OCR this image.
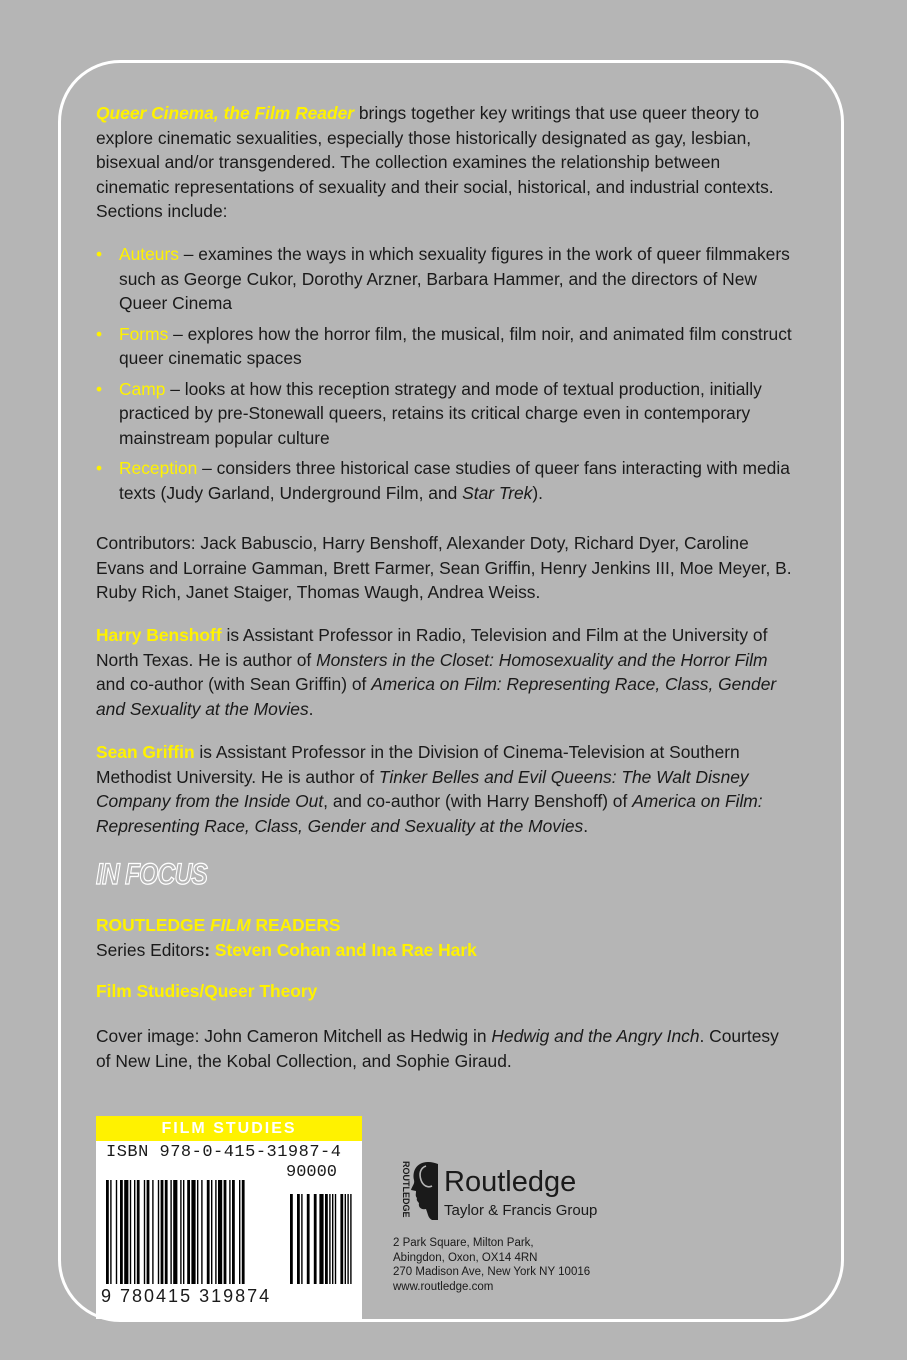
Queer Cinema, the Film Reader brings together key writings that use queer theory to explore cinematic sexualities, especially those historically designated as gay, lesbian, bisexual and/or transgendered. The collection examines the relationship between cinematic representations of sexuality and their social, historical, and industrial contexts. Sections include:
• Auteurs – examines the ways in which sexuality figures in the work of queer filmmakers such as George Cukor, Dorothy Arzner, Barbara Hammer, and the directors of New Queer Cinema
• Forms – explores how the horror film, the musical, film noir, and animated film construct queer cinematic spaces
• Camp – looks at how this reception strategy and mode of textual production, initially practiced by pre-Stonewall queers, retains its critical charge even in contemporary mainstream popular culture
• Reception – considers three historical case studies of queer fans interacting with media texts (Judy Garland, Underground Film, and Star Trek).
Contributors: Jack Babuscio, Harry Benshoff, Alexander Doty, Richard Dyer, Caroline Evans and Lorraine Gamman, Brett Farmer, Sean Griffin, Henry Jenkins III, Moe Meyer, B. Ruby Rich, Janet Staiger, Thomas Waugh, Andrea Weiss.
Harry Benshoff is Assistant Professor in Radio, Television and Film at the University of North Texas. He is author of Monsters in the Closet: Homosexuality and the Horror Film and co-author (with Sean Griffin) of America on Film: Representing Race, Class, Gender and Sexuality at the Movies.
Sean Griffin is Assistant Professor in the Division of Cinema-Television at Southern Methodist University. He is author of Tinker Belles and Evil Queens: The Walt Disney Company from the Inside Out, and co-author (with Harry Benshoff) of America on Film: Representing Race, Class, Gender and Sexuality at the Movies.
IN FOCUS
ROUTLEDGE FILM READERS
Series Editors: Steven Cohan and Ina Rae Hark
Film Studies/Queer Theory
Cover image: John Cameron Mitchell as Hedwig in Hedwig and the Angry Inch. Courtesy of New Line, the Kobal Collection, and Sophie Giraud.
FILM STUDIES
ISBN 978-0-415-31987-4
90000
9 780415 319874
ROUTLEDGE Routledge
Taylor & Francis Group
2 Park Square, Milton Park,
Abingdon, Oxon, OX14 4RN
270 Madison Ave, New York NY 10016
www.routledge.com
